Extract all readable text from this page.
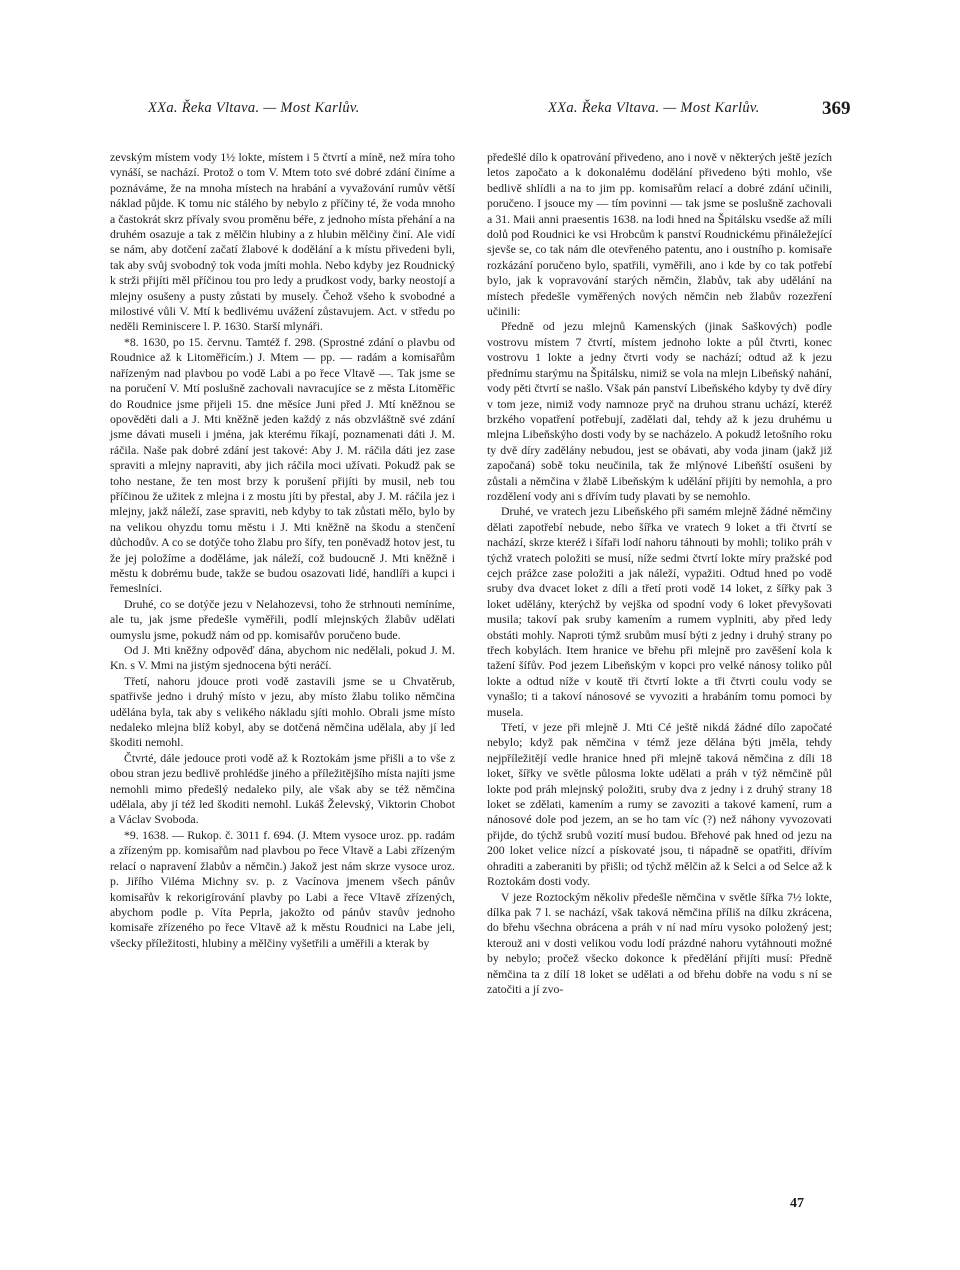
XXa. Řeka Vltava. — Most Karlův.	XXa. Řeka Vltava. — Most Karlův.	369

zevským místem vody 1½ lokte, místem i 5 čtvrtí a míně, než míra toho vynáší, se nachází. Protož o tom V. Mtem toto své dobré zdání činíme a poznáváme, že na mnoha místech na hrabání a vyvažování rumův větší náklad půjde. K tomu nic stálého by nebylo z příčiny té, že voda mnoho a častokrát skrz přívaly svou proměnu béře, z jednoho místa přehání a na druhém osazuje a tak z mělčin hlubiny a z hlubin mělčiny činí. Ale vidí se nám, aby dotčení začatí žlabové k dodělání a k místu přivedeni byli, tak aby svůj svobodný tok voda jmíti mohla. Nebo kdyby jez Roudnický k strži přijíti měl příčinou tou pro ledy a prudkost vody, barky neostojí a mlejny osušeny a pusty zůstati by musely. Čehož všeho k svobodné a milostivé vůli V. Mtí k bedlivému uvážení zůstavujem. Act. v středu po neděli Reminiscere l. P. 1630. Starší mlynáři.

*8. 1630, po 15. červnu. Tamtéž f. 298. (Sprostné zdání o plavbu od Roudnice až k Litoměřicím.) J. Mtem — pp. — radám a komisařům nařízeným nad plavbou po vodě Labi a po řece Vltavě —. Tak jsme se na poručení V. Mtí poslušně zachovali navracujíce se z města Litoměřic do Roudnice jsme přijeli 15. dne měsíce Juni před J. Mtí kněžnou se opověděti dali a J. Mti kněžně jeden každý z nás obzvláštně své zdání jsme dávati museli i jména, jak kterému říkají, poznamenati dáti J. M. ráčila. Naše pak dobré zdání jest takové: Aby J. M. ráčila dáti jez zase spraviti a mlejny napraviti, aby jich ráčila moci užívati. Pokudž pak se toho nestane, že ten most brzy k porušení přijíti by musil, neb tou příčinou že užitek z mlejna i z mostu jíti by přestal, aby J. M. ráčila jez i mlejny, jakž náleží, zase spraviti, neb kdyby to tak zůstati mělo, bylo by na velikou ohyzdu tomu městu i J. Mti kněžně na škodu a stenčení důchodův. A co se dotýče toho žlabu pro šífy, ten poněvadž hotov jest, tu že jej položíme a doděláme, jak náleží, což budoucně J. Mti kněžně i městu k dobrému bude, takže se budou osazovati lidé, handlíři a kupci i řemeslníci.

Druhé, co se dotýče jezu v Nelahozevsi, toho že strhnouti nemíníme, ale tu, jak jsme předešle vyměřili, podlí mlejnských žlabův udělati oumyslu jsme, pokudž nám od pp. komisařův poručeno bude.

Od J. Mti kněžny odpověď dána, abychom nic nedělali, pokud J. M. Kn. s V. Mmi na jistým sjednocena býti neráčí.

Třetí, nahoru jdouce proti vodě zastavili jsme se u Chvatěrub, spatřivše jedno i druhý místo v jezu, aby místo žlabu toliko němčina udělána byla, tak aby s velikého nákladu sjíti mohlo. Obrali jsme místo nedaleko mlejna blíž kobyl, aby se dotčená němčina udělala, aby jí led škoditi nemohl.

Čtvrté, dále jedouce proti vodě až k Roztokám jsme přišli a to vše z obou stran jezu bedlivě prohlédše jiného a příležitějšího místa najíti jsme nemohli mimo předešlý nedaleko pily, ale však aby se též němčina udělala, aby jí též led škoditi nemohl. Lukáš Želevský, Viktorin Chobot a Václav Svoboda.

*9. 1638. — Rukop. č. 3011 f. 694. (J. Mtem vysoce uroz. pp. radám a zřízeným pp. komisařům nad plavbou po řece Vltavě a Labi zřízeným relací o napravení žlabův a němčin.) Jakož jest nám skrze vysoce uroz. p. Jiřího Viléma Michny sv. p. z Vacínova jmenem všech pánův komisařův k rekorigírování plavby po Labi a řece Vltavě zřízených, abychom podle p. Víta Peprla, jakožto od pánův stavův jednoho komisaře zřízeného po řece Vltavě až k městu Roudnici na Labe jeli, všecky příležitosti, hlubiny a mělčiny vyšetřili a uměřili a kterak by

předešlé dílo k opatrování přivedeno, ano i nově v některých ještě jezích letos započato a k dokonalému dodělání přivedeno býti mohlo, vše bedlivě shlídli a na to jim pp. komisařům relací a dobré zdání učinili, poručeno. I jsouce my — tím povinni — tak jsme se poslušně zachovali a 31. Maii anni praesentis 1638. na lodi hned na Špitálsku vsedše až míli dolů pod Roudnici ke vsi Hrobcům k panství Roudnickému přináležející sjevše se, co tak nám dle otevřeného patentu, ano i oustního p. komisaře rozkázání poručeno bylo, spatřili, vyměřili, ano i kde by co tak potřebí bylo, jak k vopravování starých němčin, žlabův, tak aby udělání na místech předešle vyměřených nových němčin neb žlabův rozezření učinili:

Předně od jezu mlejnů Kamenských (jinak Saškových) podle vostrovu místem 7 čtvrtí, místem jednoho lokte a půl čtvrti, konec vostrovu 1 lokte a jedny čtvrti vody se nachází; odtud až k jezu přednímu starýmu na Špitálsku, nimiž se vola na mlejn Libeňský nahání, vody pěti čtvrtí se našlo. Však pán panství Libeňského kdyby ty dvě díry v tom jeze, nimiž vody namnoze pryč na druhou stranu uchází, kteréž brzkého vopatření potřebují, zadělati dal, tehdy až k jezu druhému u mlejna Libeňskýho dosti vody by se nacházelo. A pokudž letošního roku ty dvě díry zadělány nebudou, jest se obávati, aby voda jinam (jakž již započaná) sobě toku neučinila, tak že mlýnové Libeňští osušeni by zůstali a němčina v žlabě Libeňským k udělání přijíti by nemohla, a pro rozdělení vody ani s dřívím tudy plavati by se nemohlo.

Druhé, ve vratech jezu Libeňského při samém mlejně žádné němčiny dělati zapotřebí nebude, nebo šířka ve vratech 9 loket a tři čtvrtí se nachází, skrze kteréž i šífaři lodí nahoru táhnouti by mohli; toliko práh v týchž vratech položiti se musí, níže sedmi čtvrtí lokte míry pražské pod cejch prážce zase položiti a jak náleží, vypažiti. Odtud hned po vodě sruby dva dvacet loket z díli a třetí proti vodě 14 loket, z šířky pak 3 loket udělány, kterýchž by vejška od spodní vody 6 loket převyšovati musila; takoví pak sruby kamením a rumem vyplniti, aby před ledy obstáti mohly. Naproti týmž srubům musí býti z jedny i druhý strany po třech kobylách. Item hranice ve břehu při mlejně pro zavěšení kola k tažení šífův. Pod jezem Libeňským v kopci pro velké nánosy toliko půl lokte a odtud níže v koutě tři čtvrtí lokte a tři čtvrti coulu vody se vynašlo; ti a takoví nánosové se vyvoziti a hrabáním tomu pomoci by musela.

Třetí, v jeze při mlejně J. Mti Cé ještě nikdá žádné dílo započaté nebylo; když pak němčina v témž jeze dělána býti jměla, tehdy nejpříležitějí vedle hranice hned při mlejně taková němčina z díli 18 loket, šířky ve světle půlosma lokte udělati a práh v týž němčině půl lokte pod práh mlejnský položiti, sruby dva z jedny i z druhý strany 18 loket se zdělati, kamením a rumy se zavoziti a takové kamení, rum a nánosové dole pod jezem, an se ho tam víc (?) než náhony vyvozovati přijde, do týchž srubů vozití musí budou. Břehové pak hned od jezu na 200 loket velice nízcí a pískovaté jsou, ti nápadně se opatřiti, dřívím ohraditi a zaberaniti by přišli; od týchž mělčin až k Selci a od Selce až k Roztokám dosti vody.

V jeze Roztockým několiv předešle němčina v světle šířka 7½ lokte, dílka pak 7 l. se nachází, však taková němčina příliš na dílku zkrácena, do břehu všechna obrácena a práh v ní nad míru vysoko položený jest; kterouž ani v dosti velikou vodu lodí prázdné nahoru vytáhnouti možné by nebylo; pročež všecko dokonce k předělání přijíti musí: Předně němčina ta z dílí 18 loket se udělati a od břehu dobře na vodu s ní se zatočiti a jí zvo-

47
